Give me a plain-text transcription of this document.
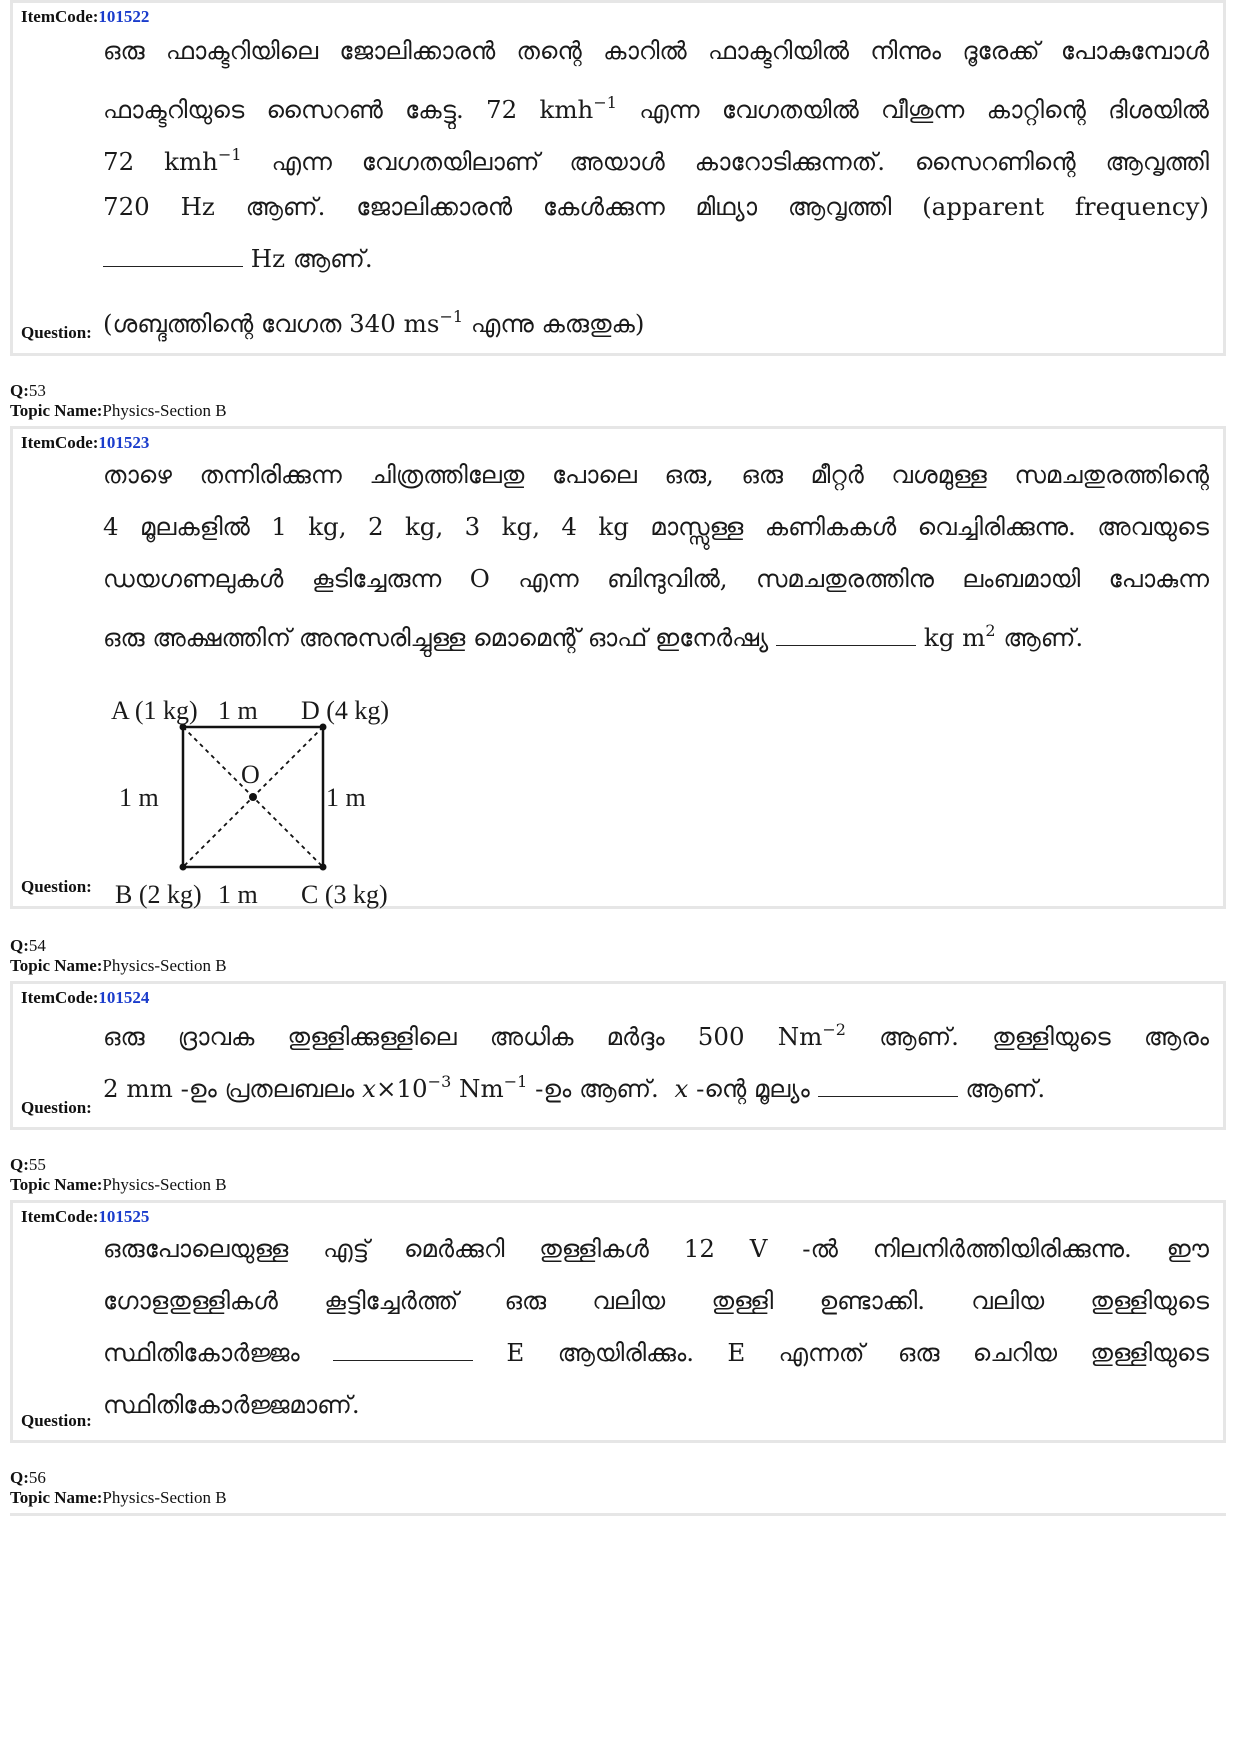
ItemCode:101522
ഒരു ഫാക്ടറിയിലെ ജോലിക്കാരൻ തന്റെ കാറിൽ ഫാക്ടറിയിൽ നിന്നും ദൂരേക്ക് പോകുമ്പോൾ
ഫാക്ടറിയുടെ സൈറൺ കേട്ടു. 72 kmh$^{-1}$ എന്ന വേഗതയിൽ വീശുന്ന കാറ്റിന്റെ ദിശയിൽ
72 kmh$^{-1}$ എന്ന വേഗതയിലാണ് അയാൾ കാറോടിക്കുന്നത്. സൈറണിന്റെ ആവൃത്തി
720 Hz ആണ്. ജോലിക്കാരൻ കേൾക്കുന്ന മിഥ്യാ ആവൃത്തി (apparent frequency)
Hz ആണ്.
(ശബ്ദത്തിന്റെ വേഗത 340 $ms^{-1}$ എന്നു കരുതുക)
Question:
Q:53
Topic Name:Physics-Section B
ItemCode:101523
താഴെ തന്നിരിക്കുന്ന ചിത്രത്തിലേതു പോലെ ഒരു, ഒരു മീറ്റർ വശമുള്ള സമചതുരത്തിന്റെ
4 മൂലകളിൽ 1 kg, 2 kg, 3 kg, 4 kg മാസ്സുള്ള കണികകൾ വെച്ചിരിക്കുന്നു. അവയുടെ
ഡയഗണലുകൾ കൂടിച്ചേരുന്ന O എന്ന ബിന്ദുവിൽ, സമചതുരത്തിനു ലംബമായി പോകുന്ന
ഒരു അക്ഷത്തിന് അനുസരിച്ചുള്ള മൊമെന്റ് ഓഫ് ഇനേർഷ്യ	kg $m^2$ ആണ്.
A (1 kg) 1 m D (4 kg)
O
1 m	1 m
B (2 kg) 1 m C (3 kg)
Question:
Q:54
Topic Name:Physics-Section B
ItemCode:101524
ഒരു ദ്രാവക തുള്ളിക്കുള്ളിലെ അധിക മർദ്ദം 500 $Nm^{-2}$ ആണ്. തുള്ളിയുടെ ആരം
2 mm -ഉം പ്രതലബലം $x\times 10^{-3}$ $Nm^{-1}$ -ഉം ആണ്. x -ന്റെ മൂല്യം	ആണ്.
Question:
Q:55
Topic Name:Physics-Section B
ItemCode:101525
ഒരുപോലെയുള്ള എട്ട് മെർക്കുറി തുള്ളികൾ 12 V -ൽ നിലനിർത്തിയിരിക്കുന്നു. ഈ
ഗോളതുള്ളികൾ കൂട്ടിച്ചേർത്ത് ഒരു വലിയ തുള്ളി ഉണ്ടാക്കി. വലിയ തുള്ളിയുടെ
സ്ഥിതികോർജ്ജം	E ആയിരിക്കും. E എന്നത് ഒരു ചെറിയ തുള്ളിയുടെ
സ്ഥിതികോർജ്ജമാണ്.
Question:
Q:56
Topic Name:Physics-Section B
